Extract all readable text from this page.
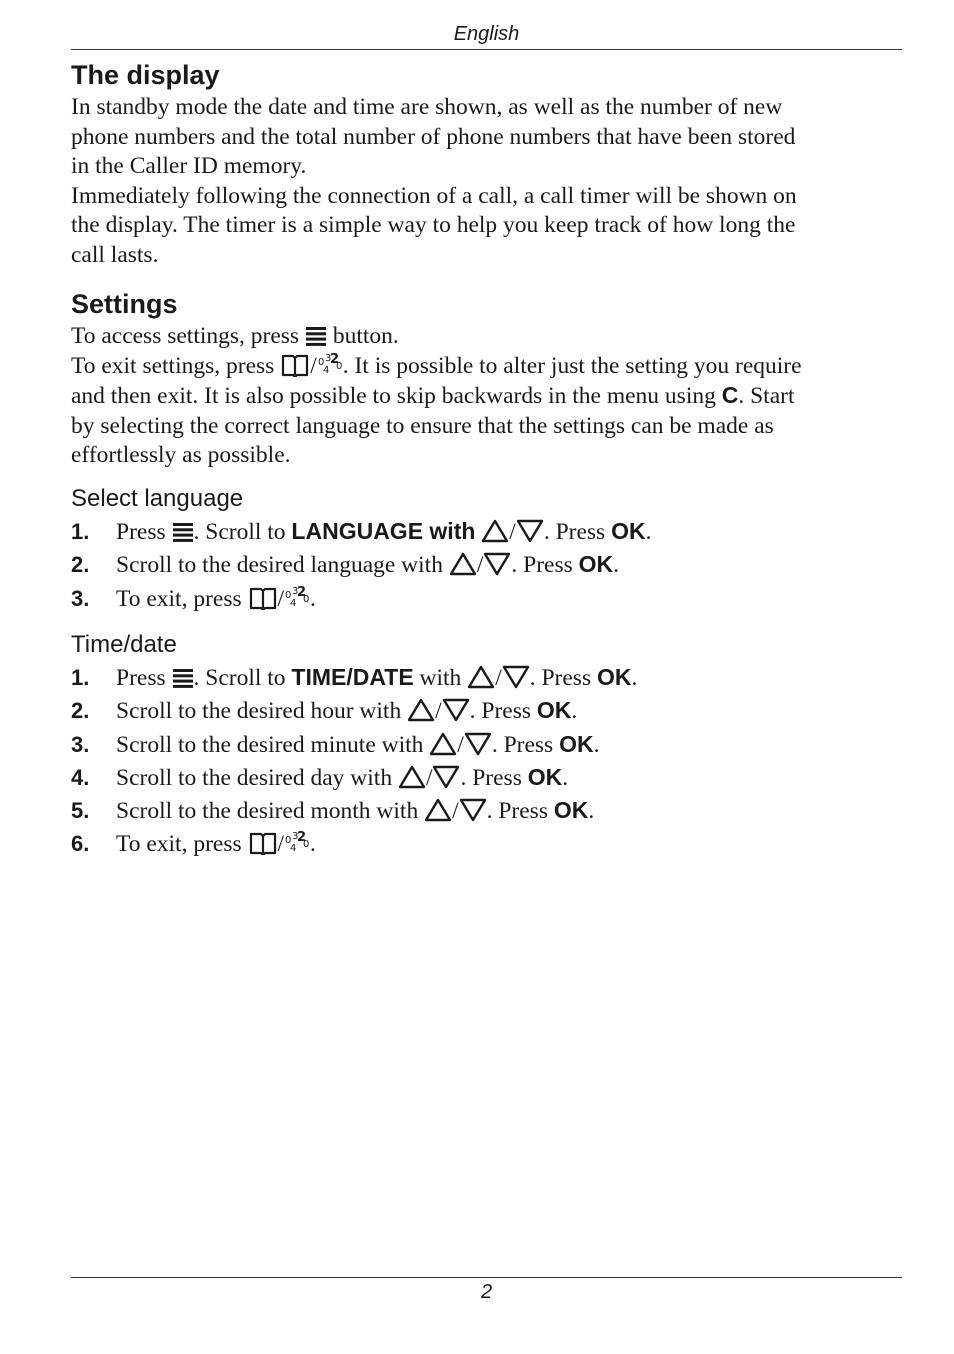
English
The display

In standby mode the date and time are shown, as well as the number of new
phone numbers and the total number of phone numbers that have been stored
in the Caller ID memory.
Immediately following the connection of a call, a call timer will be shown on
the display. The timer is a simple way to help you keep track of how long the
call lasts.

Settings

To access settings, press button.
To exit settings, press / 0 3
2
4 0 . It is possible to alter just the setting you require
and then exit. It is also possible to skip backwards in the menu using C. Start
by selecting the correct language to ensure that the settings can be made as
effortlessly as possible.

Select language
1. Press . Scroll to LANGUAGE with / . Press OK.
2. Scroll to the desired language with / . Press OK.
3. To exit, press / 0 3
2
4 0 .
Time/date
1. Press . Scroll to TIME/DATE with / . Press OK.
2. Scroll to the desired hour with / . Press OK.
3. Scroll to the desired minute with / . Press OK.
4. Scroll to the desired day with / . Press OK.
5. Scroll to the desired month with / . Press OK.
6. To exit, press / 0 3
2
4 0 .
2
